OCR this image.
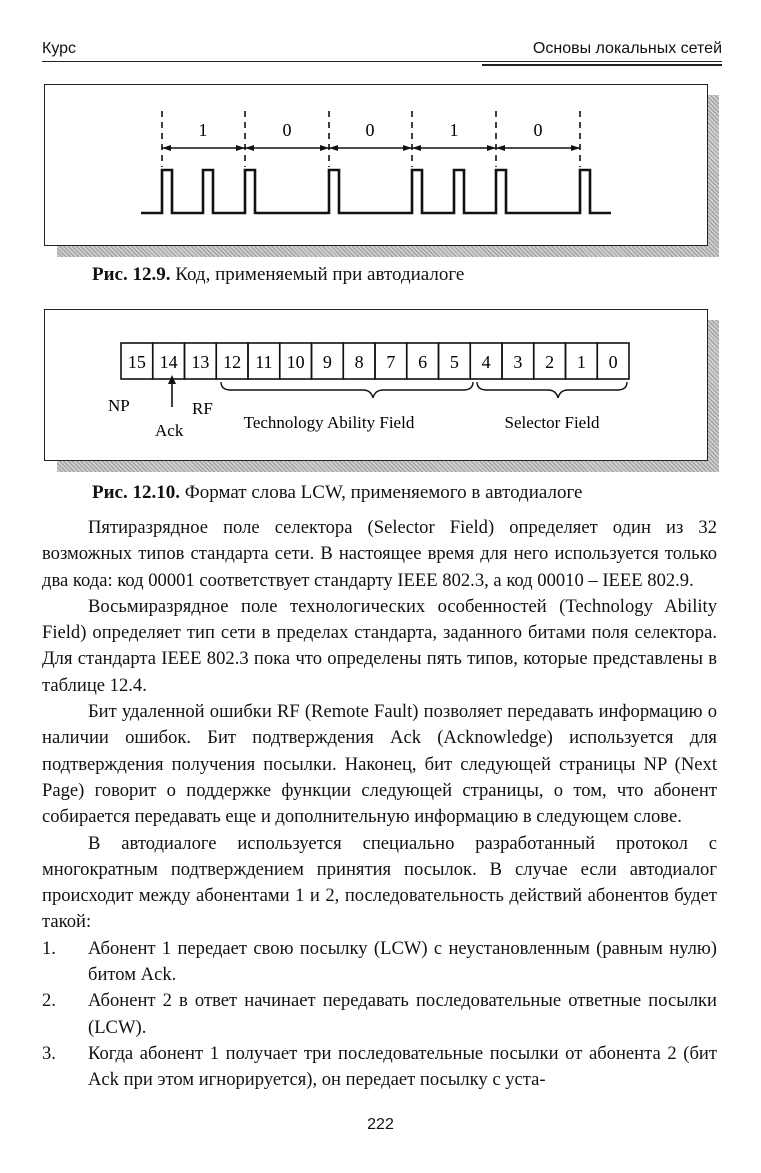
Курс	Основы локальных сетей
1	0	0	1	0
Рис. 12.9. Код, применяемый при автодиалоге
15 14 13 12 11 10 9 8 7 6 5 4 3 2 1 0
NP	RF
Ack	Technology Ability Field	Selector Field
Рис. 12.10. Формат слова LCW, применяемого в автодиалоге

Пятиразрядное поле селектора (Selector Field) определяет один из 32 возможных типов стандарта сети. В настоящее время для него используется только два кода: код 00001 соответствует стандарту IEEE 802.3, а код 00010 – IEEE 802.9.

Восьмиразрядное поле технологических особенностей (Technology Ability Field) определяет тип сети в пределах стандарта, заданного битами поля селектора. Для стандарта IEEE 802.3 пока что определены пять типов, которые представлены в таблице 12.4.

Бит удаленной ошибки RF (Remote Fault) позволяет передавать информацию о наличии ошибок. Бит подтверждения Ack (Acknowledge) используется для подтверждения получения посылки. Наконец, бит следующей страницы NP (Next Page) говорит о поддержке функции следующей страницы, о том, что абонент собирается передавать еще и дополнительную информацию в следующем слове.

В автодиалоге используется специально разработанный протокол с многократным подтверждением принятия посылок. В случае если автодиалог происходит между абонентами 1 и 2, последовательность действий абонентов будет такой:

1. Абонент 1 передает свою посылку (LCW) с неустановленным (равным нулю) битом Ack.

2. Абонент 2 в ответ начинает передавать последовательные ответные посылки (LCW).

3. Когда абонент 1 получает три последовательные посылки от абонента 2 (бит Ack при этом игнорируется), он передает посылку с уста-

222
